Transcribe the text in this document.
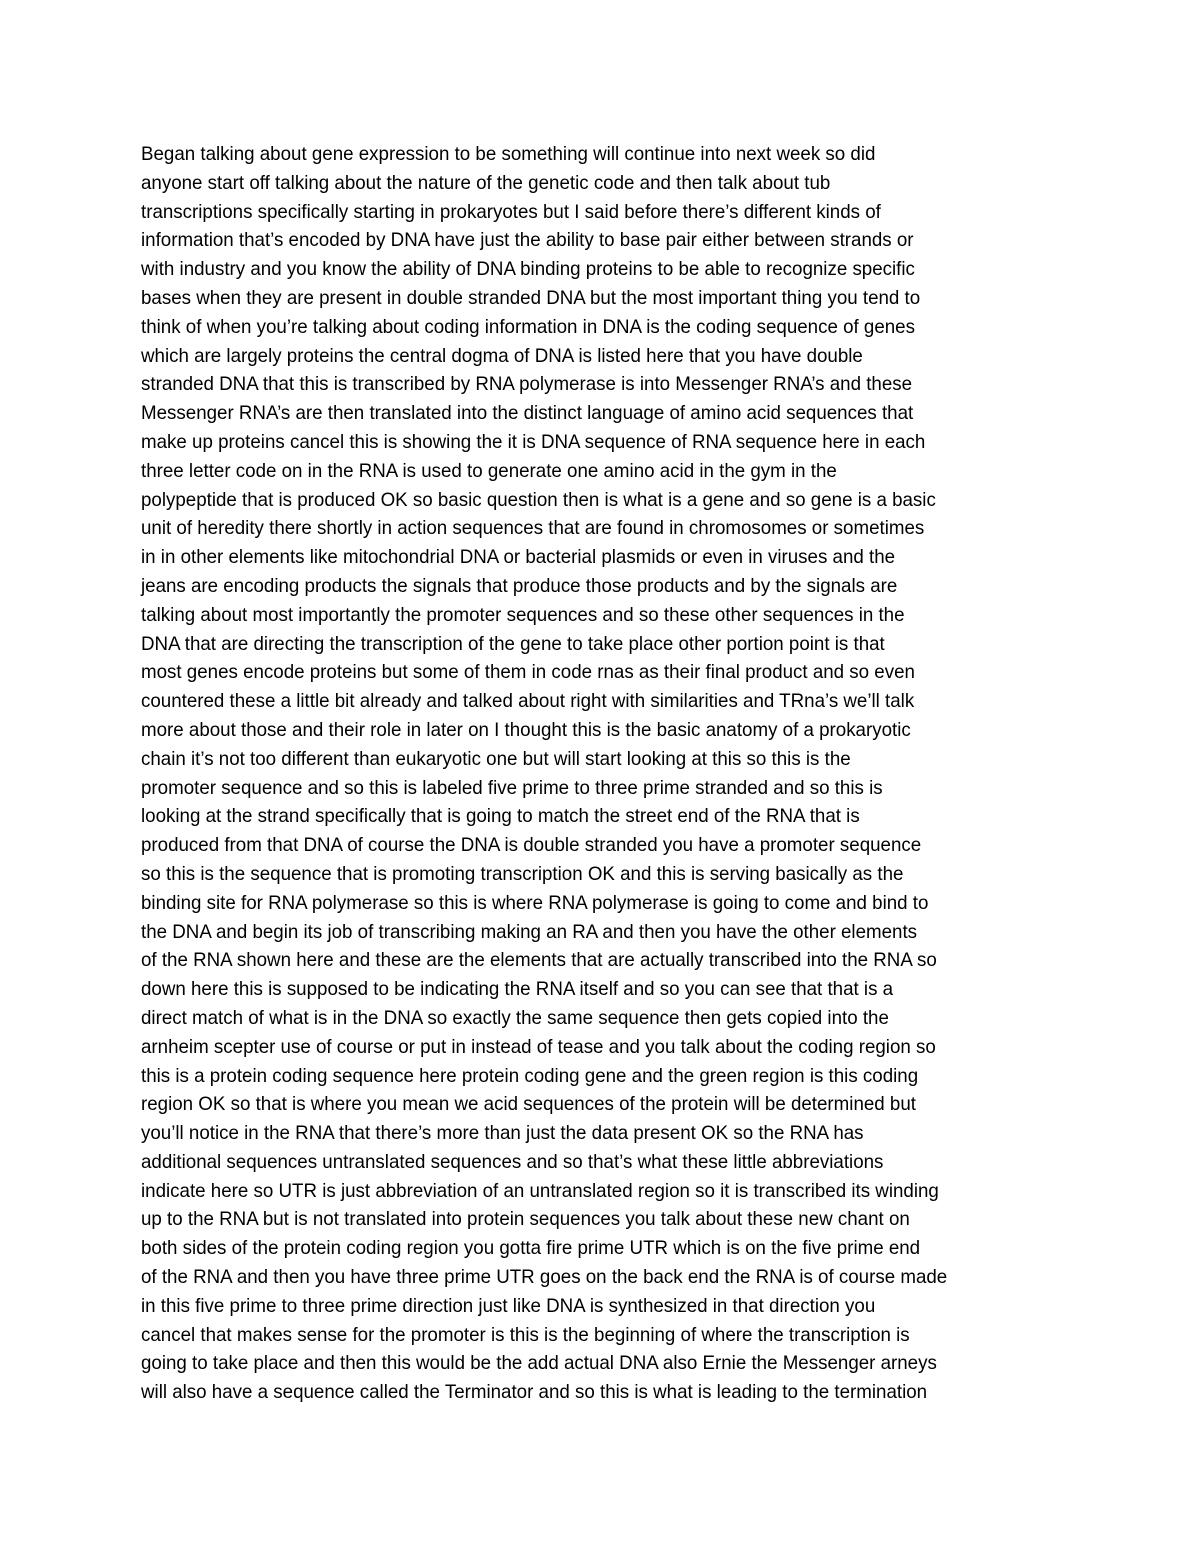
Began talking about gene expression to be something will continue into next week so did
anyone start off talking about the nature of the genetic code and then talk about tub
transcriptions specifically starting in prokaryotes but I said before there’s different kinds of
information that’s encoded by DNA have just the ability to base pair either between strands or
with industry and you know the ability of DNA binding proteins to be able to recognize specific
bases when they are present in double stranded DNA but the most important thing you tend to
think of when you’re talking about coding information in DNA is the coding sequence of genes
which are largely proteins the central dogma of DNA is listed here that you have double
stranded DNA that this is transcribed by RNA polymerase is into Messenger RNA’s and these
Messenger RNA’s are then translated into the distinct language of amino acid sequences that
make up proteins cancel this is showing the it is DNA sequence of RNA sequence here in each
three letter code on in the RNA is used to generate one amino acid in the gym in the
polypeptide that is produced OK so basic question then is what is a gene and so gene is a basic
unit of heredity there shortly in action sequences that are found in chromosomes or sometimes
in in other elements like mitochondrial DNA or bacterial plasmids or even in viruses and the
jeans are encoding products the signals that produce those products and by the signals are
talking about most importantly the promoter sequences and so these other sequences in the
DNA that are directing the transcription of the gene to take place other portion point is that
most genes encode proteins but some of them in code rnas as their final product and so even
countered these a little bit already and talked about right with similarities and TRna’s we’ll talk
more about those and their role in later on I thought this is the basic anatomy of a prokaryotic
chain it’s not too different than eukaryotic one but will start looking at this so this is the
promoter sequence and so this is labeled five prime to three prime stranded and so this is
looking at the strand specifically that is going to match the street end of the RNA that is
produced from that DNA of course the DNA is double stranded you have a promoter sequence
so this is the sequence that is promoting transcription OK and this is serving basically as the
binding site for RNA polymerase so this is where RNA polymerase is going to come and bind to
the DNA and begin its job of transcribing making an RA and then you have the other elements
of the RNA shown here and these are the elements that are actually transcribed into the RNA so
down here this is supposed to be indicating the RNA itself and so you can see that that is a
direct match of what is in the DNA so exactly the same sequence then gets copied into the
arnheim scepter use of course or put in instead of tease and you talk about the coding region so
this is a protein coding sequence here protein coding gene and the green region is this coding
region OK so that is where you mean we acid sequences of the protein will be determined but
you’ll notice in the RNA that there’s more than just the data present OK so the RNA has
additional sequences untranslated sequences and so that’s what these little abbreviations
indicate here so UTR is just abbreviation of an untranslated region so it is transcribed its winding
up to the RNA but is not translated into protein sequences you talk about these new chant on
both sides of the protein coding region you gotta fire prime UTR which is on the five prime end
of the RNA and then you have three prime UTR goes on the back end the RNA is of course made
in this five prime to three prime direction just like DNA is synthesized in that direction you
cancel that makes sense for the promoter is this is the beginning of where the transcription is
going to take place and then this would be the add actual DNA also Ernie the Messenger arneys
will also have a sequence called the Terminator and so this is what is leading to the termination
